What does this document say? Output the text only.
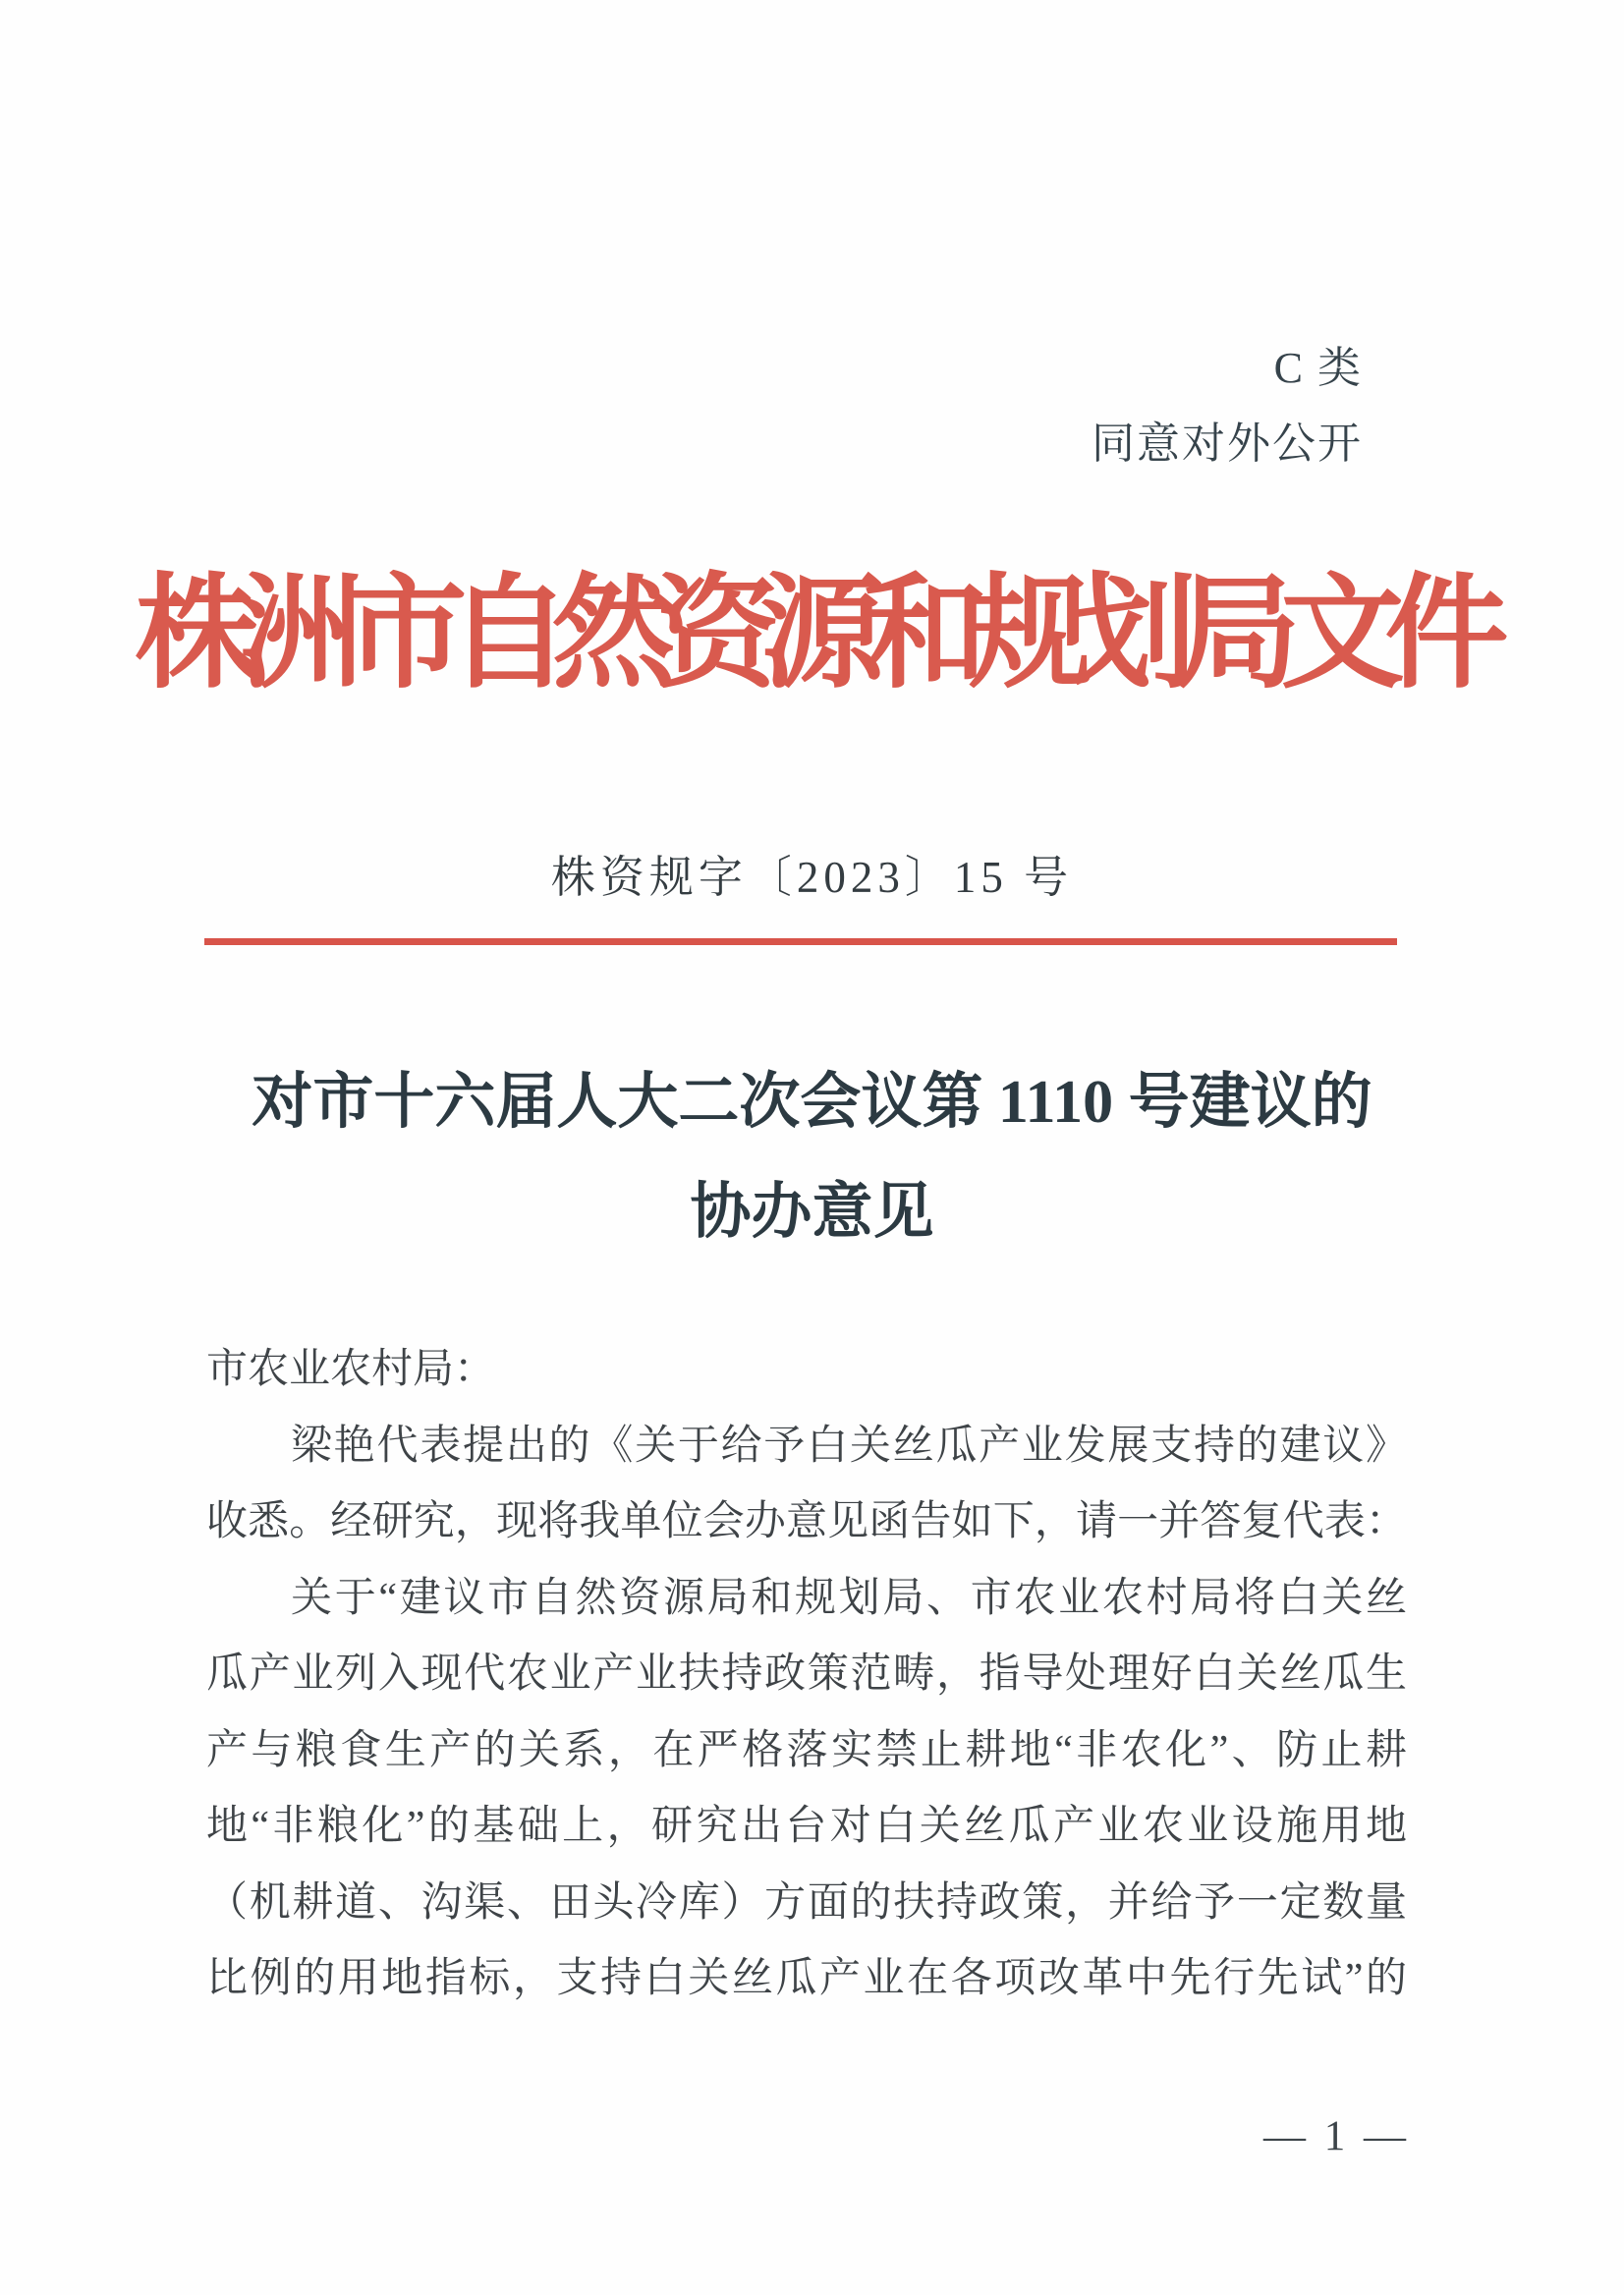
C 类
同意对外公开
株洲市自然资源和规划局文件
株资规字〔2023〕15 号
对市十六届人大二次会议第 1110 号建议的
协办意见
市农业农村局：
梁艳代表提出的《关于给予白关丝瓜产业发展支持的建议》
收悉。经研究，现将我单位会办意见函告如下，请一并答复代表：
关于“建议市自然资源局和规划局、市农业农村局将白关丝
瓜产业列入现代农业产业扶持政策范畴，指导处理好白关丝瓜生
产与粮食生产的关系，在严格落实禁止耕地“非农化”、防止耕
地“非粮化”的基础上，研究出台对白关丝瓜产业农业设施用地
（机耕道、沟渠、田头冷库）方面的扶持政策，并给予一定数量
比例的用地指标，支持白关丝瓜产业在各项改革中先行先试”的
— 1 —
